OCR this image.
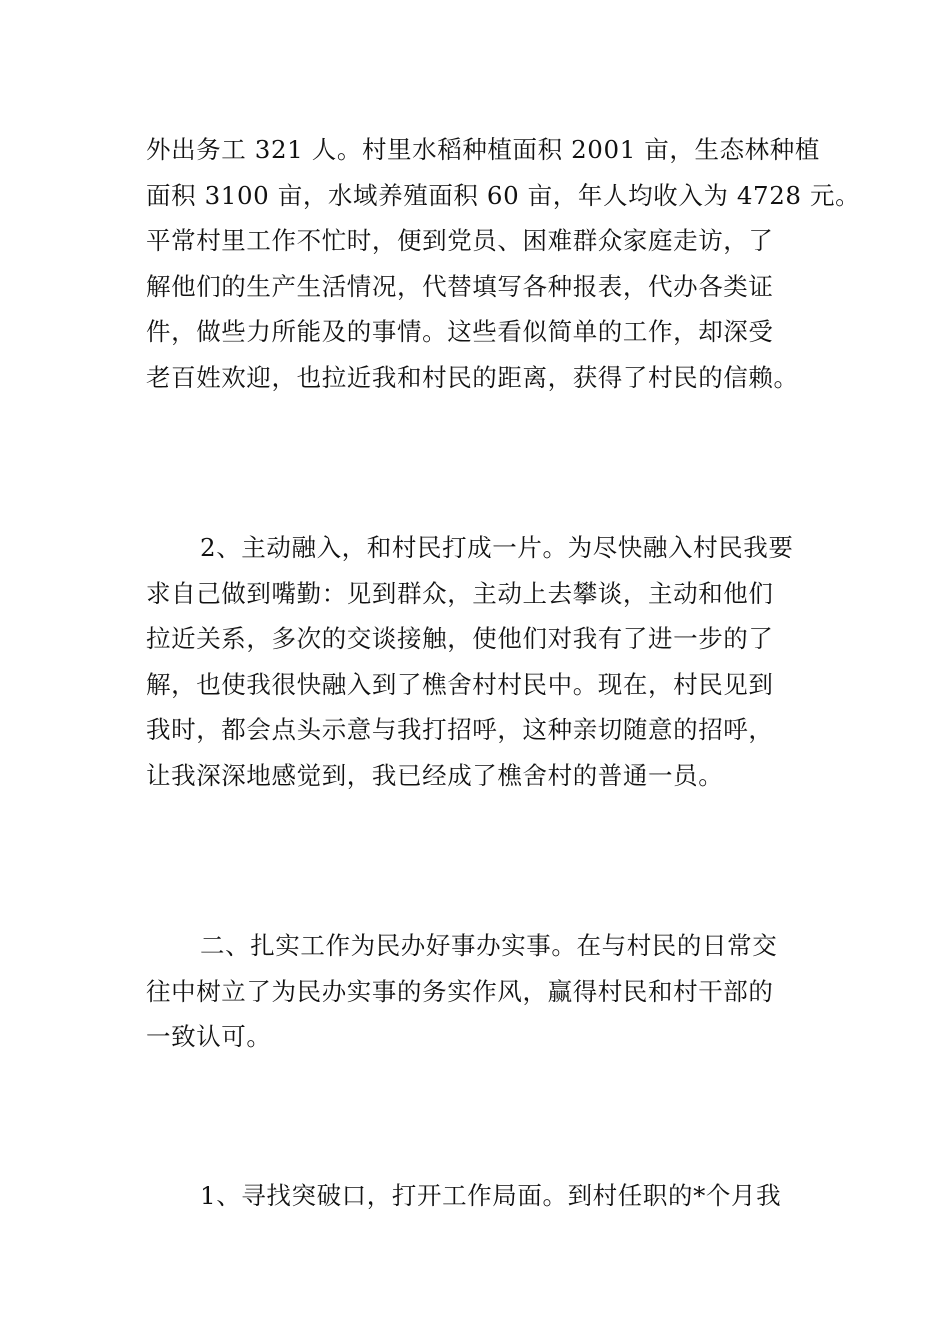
外出务工 321 人。村里水稻种植面积 2001 亩，生态林种植
面积 3100 亩，水域养殖面积 60 亩，年人均收入为 4728 元。
平常村里工作不忙时，便到党员、困难群众家庭走访，了
解他们的生产生活情况，代替填写各种报表，代办各类证
件，做些力所能及的事情。这些看似简单的工作，却深受
老百姓欢迎，也拉近我和村民的距离，获得了村民的信赖。

2、主动融入，和村民打成一片。为尽快融入村民我要
求自己做到嘴勤：见到群众，主动上去攀谈，主动和他们
拉近关系，多次的交谈接触，使他们对我有了进一步的了
解，也使我很快融入到了樵舍村村民中。现在，村民见到
我时，都会点头示意与我打招呼，这种亲切随意的招呼，
让我深深地感觉到，我已经成了樵舍村的普通一员。

二、扎实工作为民办好事办实事。在与村民的日常交
往中树立了为民办实事的务实作风，赢得村民和村干部的
一致认可。

1、寻找突破口，打开工作局面。到村任职的*个月我
